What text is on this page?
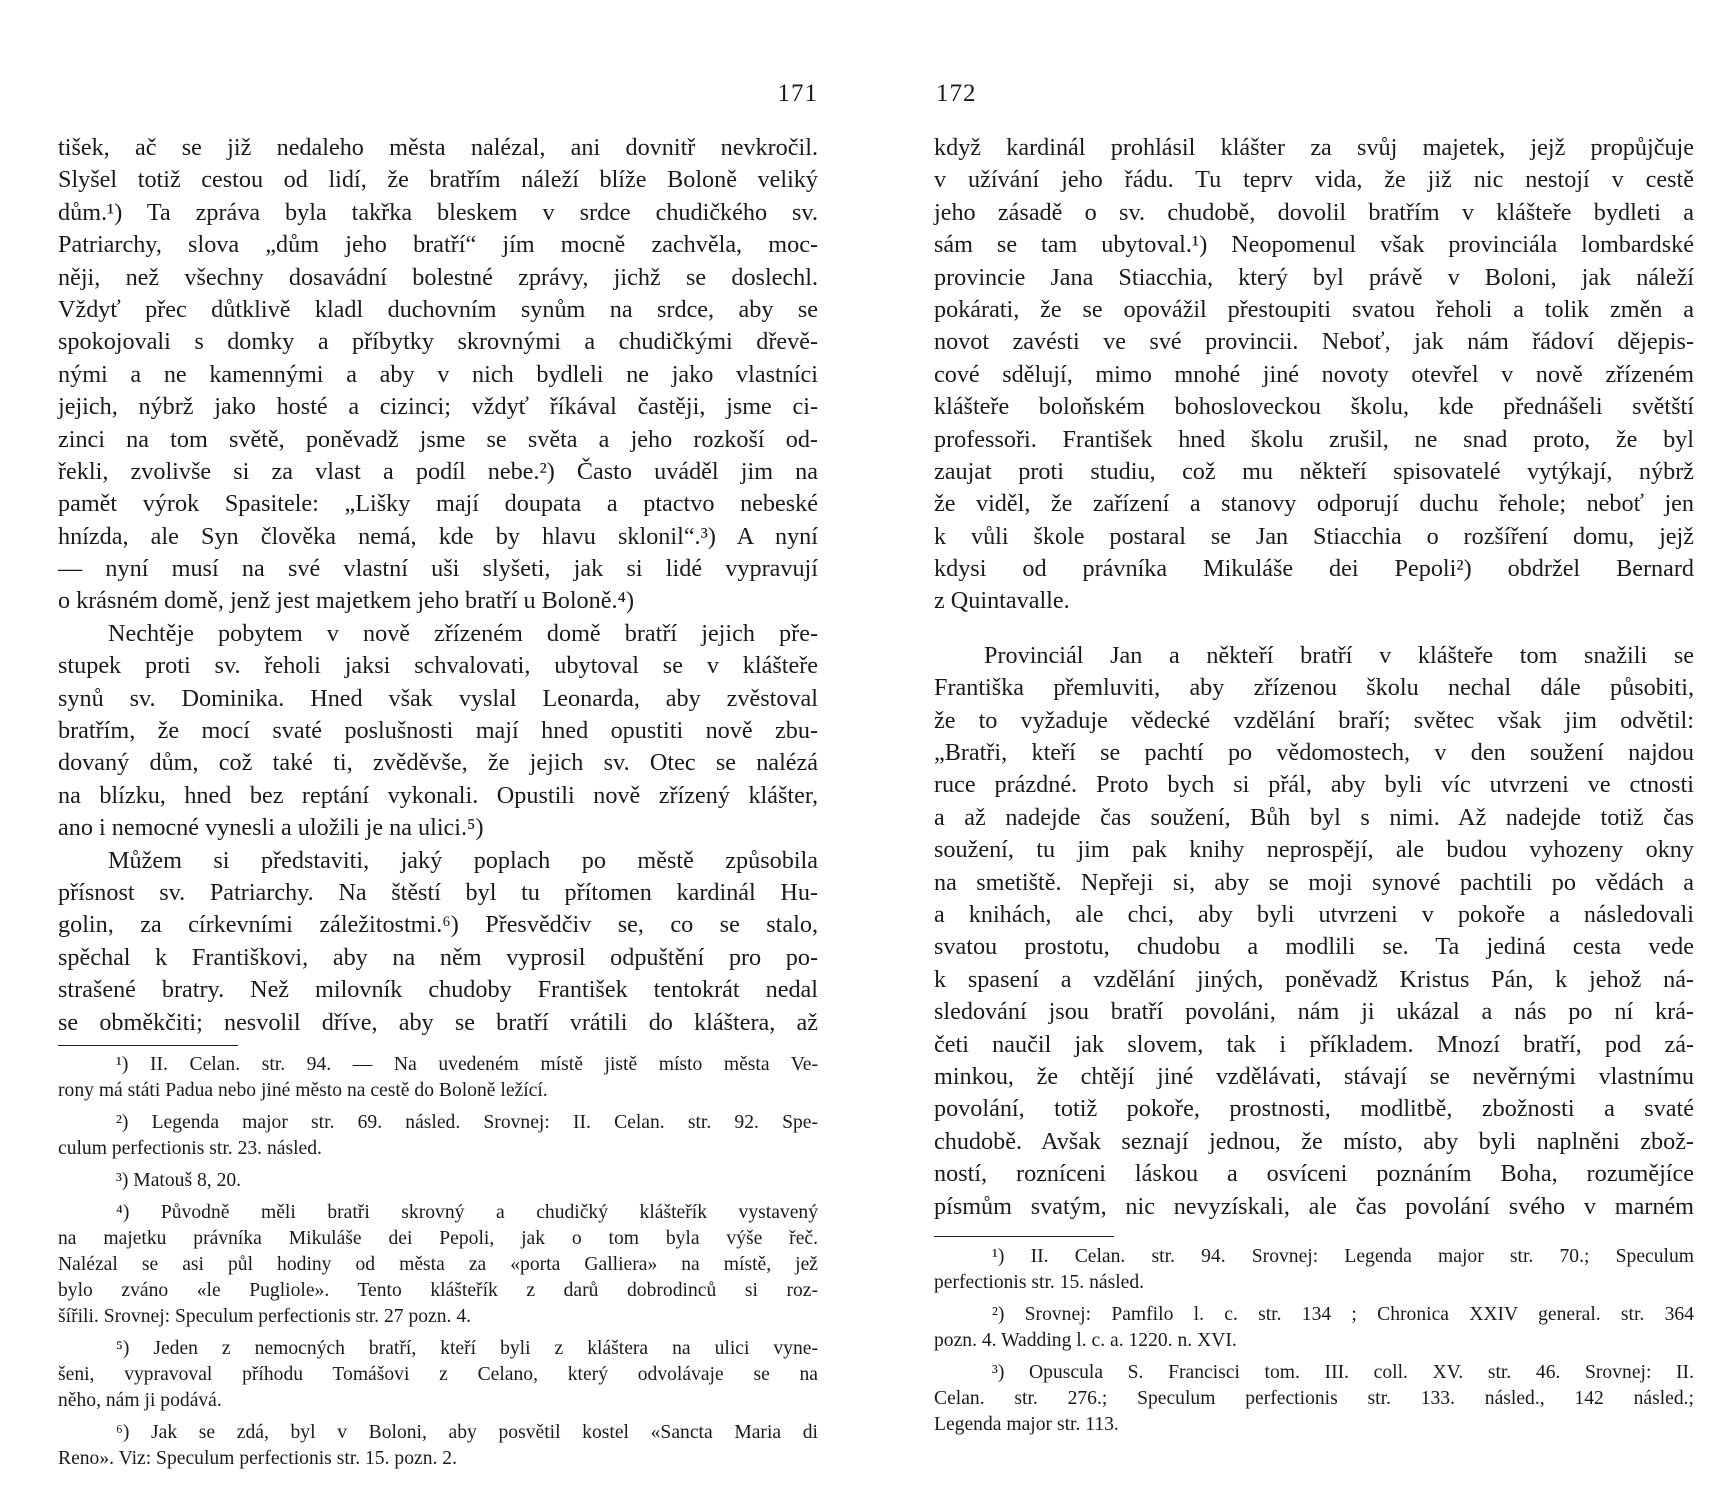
171
tišek, ač se již nedaleho města nalézal, ani dovnitř nevkročil.
Slyšel totiž cestou od lidí, že bratřím náleží blíže Boloně veliký
dům.¹) Ta zpráva byla takřka bleskem v srdce chudičkého sv.
Patriarchy, slova „dům jeho bratří“ jím mocně zachvěla, moc-
něji, než všechny dosavádní bolestné zprávy, jichž se doslechl.
Vždyť přec důtklivě kladl duchovním synům na srdce, aby se
spokojovali s domky a příbytky skrovnými a chudičkými dřevě-
nými a ne kamennými a aby v nich bydleli ne jako vlastníci
jejich, nýbrž jako hosté a cizinci; vždyť říkával častěji, jsme ci-
zinci na tom světě, poněvadž jsme se světa a jeho rozkoší od-
řekli, zvolivše si za vlast a podíl nebe.²) Často uváděl jim na
pamět výrok Spasitele: „Lišky mají doupata a ptactvo nebeské
hnízda, ale Syn člověka nemá, kde by hlavu sklonil“.³) A nyní
— nyní musí na své vlastní uši slyšeti, jak si lidé vypravují
o krásném domě, jenž jest majetkem jeho bratří u Boloně.⁴)
Nechtěje pobytem v nově zřízeném domě bratří jejich pře-
stupek proti sv. řeholi jaksi schvalovati, ubytoval se v klášteře
synů sv. Dominika. Hned však vyslal Leonarda, aby zvěstoval
bratřím, že mocí svaté poslušnosti mají hned opustiti nově zbu-
dovaný dům, což také ti, zvěděvše, že jejich sv. Otec se nalézá
na blízku, hned bez reptání vykonali. Opustili nově zřízený klášter,
ano i nemocné vynesli a uložili je na ulici.⁵)
Můžem si představiti, jaký poplach po městě způsobila
přísnost sv. Patriarchy. Na štěstí byl tu přítomen kardinál Hu-
golin, za církevními záležitostmi.⁶) Přesvědčiv se, co se stalo,
spěchal k Františkovi, aby na něm vyprosil odpuštění pro po-
strašené bratry. Než milovník chudoby František tentokrát nedal
se obměkčiti; nesvolil dříve, aby se bratří vrátili do kláštera, až
¹) II. Celan. str. 94. — Na uvedeném místě jistě místo města Ve-
rony má státi Padua nebo jiné město na cestě do Boloně ležící.
²) Legenda major str. 69. násled. Srovnej: II. Celan. str. 92. Spe-
culum perfectionis str. 23. násled.
³) Matouš 8, 20.
⁴) Původně měli bratři skrovný a chudičký klášteřík vystavený
na majetku právníka Mikuláše dei Pepoli, jak o tom byla výše řeč.
Nalézal se asi půl hodiny od města za «porta Galliera» na místě, jež
bylo zváno «le Pugliole». Tento klášteřík z darů dobrodinců si roz-
šířili. Srovnej: Speculum perfectionis str. 27 pozn. 4.
⁵) Jeden z nemocných bratří, kteří byli z kláštera na ulici vyne-
šeni, vypravoval příhodu Tomášovi z Celano, který odvolávaje se na
něho, nám ji podává.
⁶) Jak se zdá, byl v Boloni, aby posvětil kostel «Sancta Maria di
Reno». Viz: Speculum perfectionis str. 15. pozn. 2.
172
když kardinál prohlásil klášter za svůj majetek, jejž propůjčuje
v užívání jeho řádu. Tu teprv vida, že již nic nestojí v cestě
jeho zásadě o sv. chudobě, dovolil bratřím v klášteře bydleti a
sám se tam ubytoval.¹) Neopomenul však provinciála lombardské
provincie Jana Stiacchia, který byl právě v Boloni, jak náleží
pokárati, že se opovážil přestoupiti svatou řeholi a tolik změn a
novot zavésti ve své provincii. Neboť, jak nám řádoví dějepis-
cové sdělují, mimo mnohé jiné novoty otevřel v nově zřízeném
klášteře boloňském bohosloveckou školu, kde přednášeli světští
professoři. František hned školu zrušil, ne snad proto, že byl
zaujat proti studiu, což mu někteří spisovatelé vytýkají, nýbrž
že viděl, že zařízení a stanovy odporují duchu řehole; neboť jen
k vůli škole postaral se Jan Stiacchia o rozšíření domu, jejž
kdysi od právníka Mikuláše dei Pepoli²) obdržel Bernard
z Quintavalle.
Provinciál Jan a někteří bratří v klášteře tom snažili se
Františka přemluviti, aby zřízenou školu nechal dále působiti,
že to vyžaduje vědecké vzdělání braří; světec však jim odvětil:
„Bratři, kteří se pachtí po vědomostech, v den soužení najdou
ruce prázdné. Proto bych si přál, aby byli víc utvrzeni ve ctnosti
a až nadejde čas soužení, Bůh byl s nimi. Až nadejde totiž čas
soužení, tu jim pak knihy neprospějí, ale budou vyhozeny okny
na smetiště. Nepřeji si, aby se moji synové pachtili po vědách a
a knihách, ale chci, aby byli utvrzeni v pokoře a následovali
svatou prostotu, chudobu a modlili se. Ta jediná cesta vede
k spasení a vzdělání jiných, poněvadž Kristus Pán, k jehož ná-
sledování jsou bratří povoláni, nám ji ukázal a nás po ní krá-
četi naučil jak slovem, tak i příkladem. Mnozí bratří, pod zá-
minkou, že chtějí jiné vzdělávati, stávají se nevěrnými vlastnímu
povolání, totiž pokoře, prostnosti, modlitbě, zbožnosti a svaté
chudobě. Avšak seznají jednou, že místo, aby byli naplněni zbož-
ností, rozníceni láskou a osvíceni poznáním Boha, rozumějíce
písmům svatým, nic nevyzískali, ale čas povolání svého v marném
¹) II. Celan. str. 94. Srovnej: Legenda major str. 70.; Speculum
perfectionis str. 15. násled.
²) Srovnej: Pamfilo l. c. str. 134 ; Chronica XXIV general. str. 364
pozn. 4. Wadding l. c. a. 1220. n. XVI.
³) Opuscula S. Francisci tom. III. coll. XV. str. 46. Srovnej: II.
Celan. str. 276.; Speculum perfectionis str. 133. násled., 142 násled.;
Legenda major str. 113.
